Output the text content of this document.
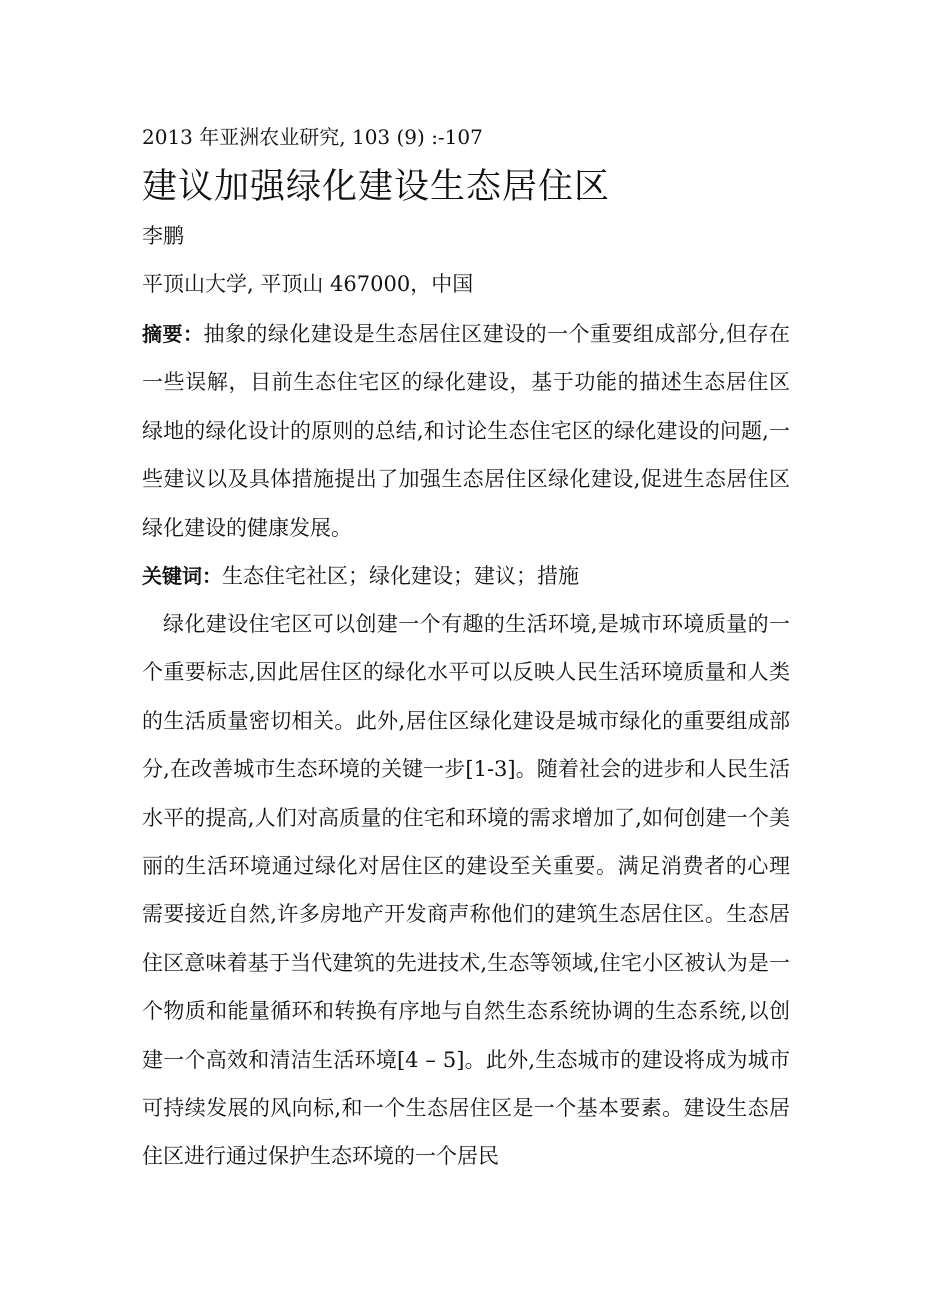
2013 年亚洲农业研究, 103 (9) :-107
建议加强绿化建设生态居住区
李鹏
平顶山大学, 平顶山 467000，中国
摘要：抽象的绿化建设是生态居住区建设的一个重要组成部分,但存在一些误解，目前生态住宅区的绿化建设，基于功能的描述生态居住区绿地的绿化设计的原则的总结,和讨论生态住宅区的绿化建设的问题,一些建议以及具体措施提出了加强生态居住区绿化建设,促进生态居住区绿化建设的健康发展。
关键词：生态住宅社区；绿化建设；建议；措施
绿化建设住宅区可以创建一个有趣的生活环境,是城市环境质量的一个重要标志,因此居住区的绿化水平可以反映人民生活环境质量和人类的生活质量密切相关。此外,居住区绿化建设是城市绿化的重要组成部分,在改善城市生态环境的关键一步[1-3]。随着社会的进步和人民生活水平的提高,人们对高质量的住宅和环境的需求增加了,如何创建一个美丽的生活环境通过绿化对居住区的建设至关重要。满足消费者的心理需要接近自然,许多房地产开发商声称他们的建筑生态居住区。生态居住区意味着基于当代建筑的先进技术,生态等领域,住宅小区被认为是一个物质和能量循环和转换有序地与自然生态系统协调的生态系统,以创建一个高效和清洁生活环境[4 – 5]。此外,生态城市的建设将成为城市可持续发展的风向标,和一个生态居住区是一个基本要素。建设生态居住区进行通过保护生态环境的一个居民
